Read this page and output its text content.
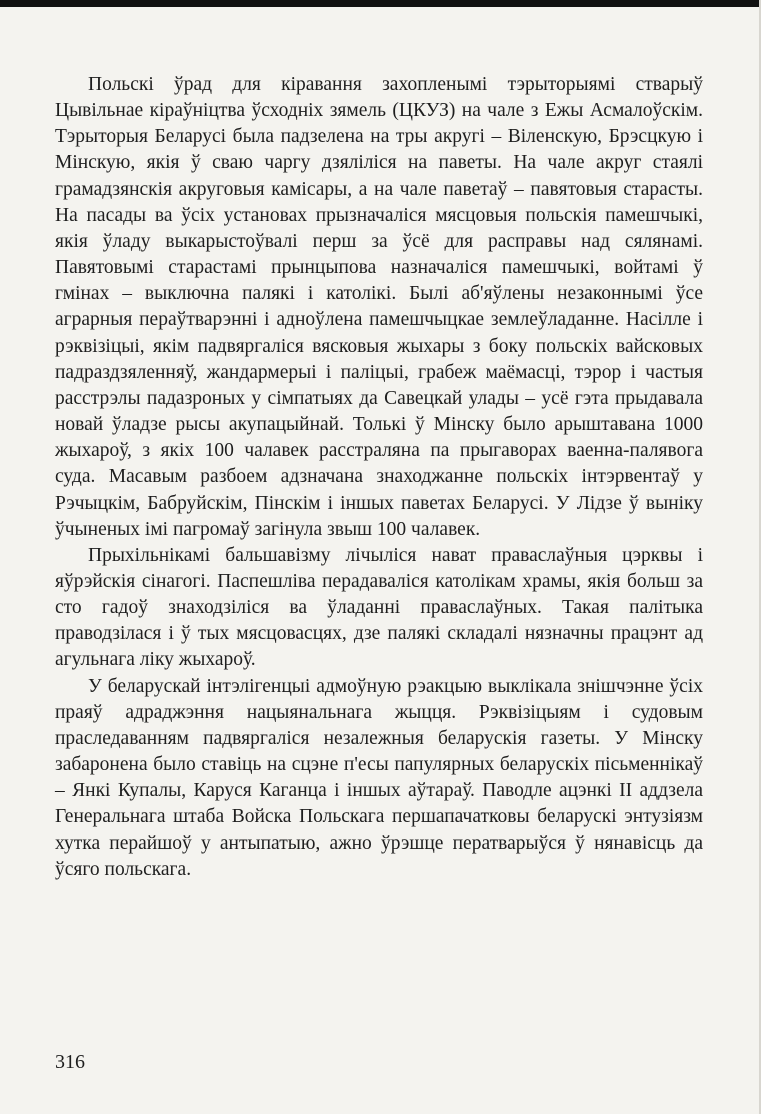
Польскі ўрад для кіравання захопленымі тэрыторыямі стварыў Цывільнае кіраўніцтва ўсходніх зямель (ЦКУЗ) на чале з Ежы Асмалоўскім. Тэрыторыя Беларусі была падзелена на тры акругі – Віленскую, Брэсцкую і Мінскую, якія ў сваю чаргу дзяліліся на паветы. На чале акруг стаялі грамадзянскія акруговыя камісары, а на чале паветаў – павятовыя старасты. На пасады ва ўсіх установах прызначаліся мясцовыя польскія памешчыкі, якія ўладу выкарыстоўвалі перш за ўсё для расправы над сялянамі. Павятовымі старастамі прынцыпова назначаліся памешчыкі, войтамі ў гмінах – выключна палякі і католікі. Былі аб'яўлены незаконнымі ўсе аграрныя пераўтварэнні і адноўлена памешчыцкае землеўладанне. Насілле і рэквізіцыі, якім падвяргаліся вясковыя жыхары з боку польскіх вайсковых падраздзяленняў, жандармерыі і паліцыі, грабеж маёмасці, тэрор і частыя расстрэлы падазроных у сімпатыях да Савецкай улады – усё гэта прыдавала новай ўладзе рысы акупацыйнай. Толькі ў Мінску было арыштавана 1000 жыхароў, з якіх 100 чалавек расстраляна па прыгаворах ваенна-палявога суда. Масавым разбоем адзначана знаходжанне польскіх інтэрвентаў у Рэчыцкім, Бабруйскім, Пінскім і іншых паветах Беларусі. У Лідзе ў выніку ўчыненых імі пагромаў загінула звыш 100 чалавек.

Прыхільнікамі бальшавізму лічыліся нават праваслаўныя цэрквы і яўрэйскія сінагогі. Паспешліва перадаваліся католікам храмы, якія больш за сто гадоў знаходзіліся ва ўладанні праваслаўных. Такая палітыка праводзілася і ў тых мясцовасцях, дзе палякі складалі нязначны працэнт ад агульнага ліку жыхароў.

У беларускай інтэлігенцыі адмоўную рэакцыю выклікала знішчэнне ўсіх праяў адраджэння нацыянальнага жыцця. Рэквізіцыям і судовым праследаванням падвяргаліся незалежныя беларускія газеты. У Мінску забаронена было ставіць на сцэне п'есы папулярных беларускіх пісьменнікаў – Янкі Купалы, Каруся Каганца і іншых аўтараў. Паводле ацэнкі II аддзела Генеральнага штаба Войска Польскага першапачатковы беларускі энтузіязм хутка перайшоў у антыпатыю, ажно ўрэшце ператварыўся ў нянавісць да ўсяго польскага.

316
